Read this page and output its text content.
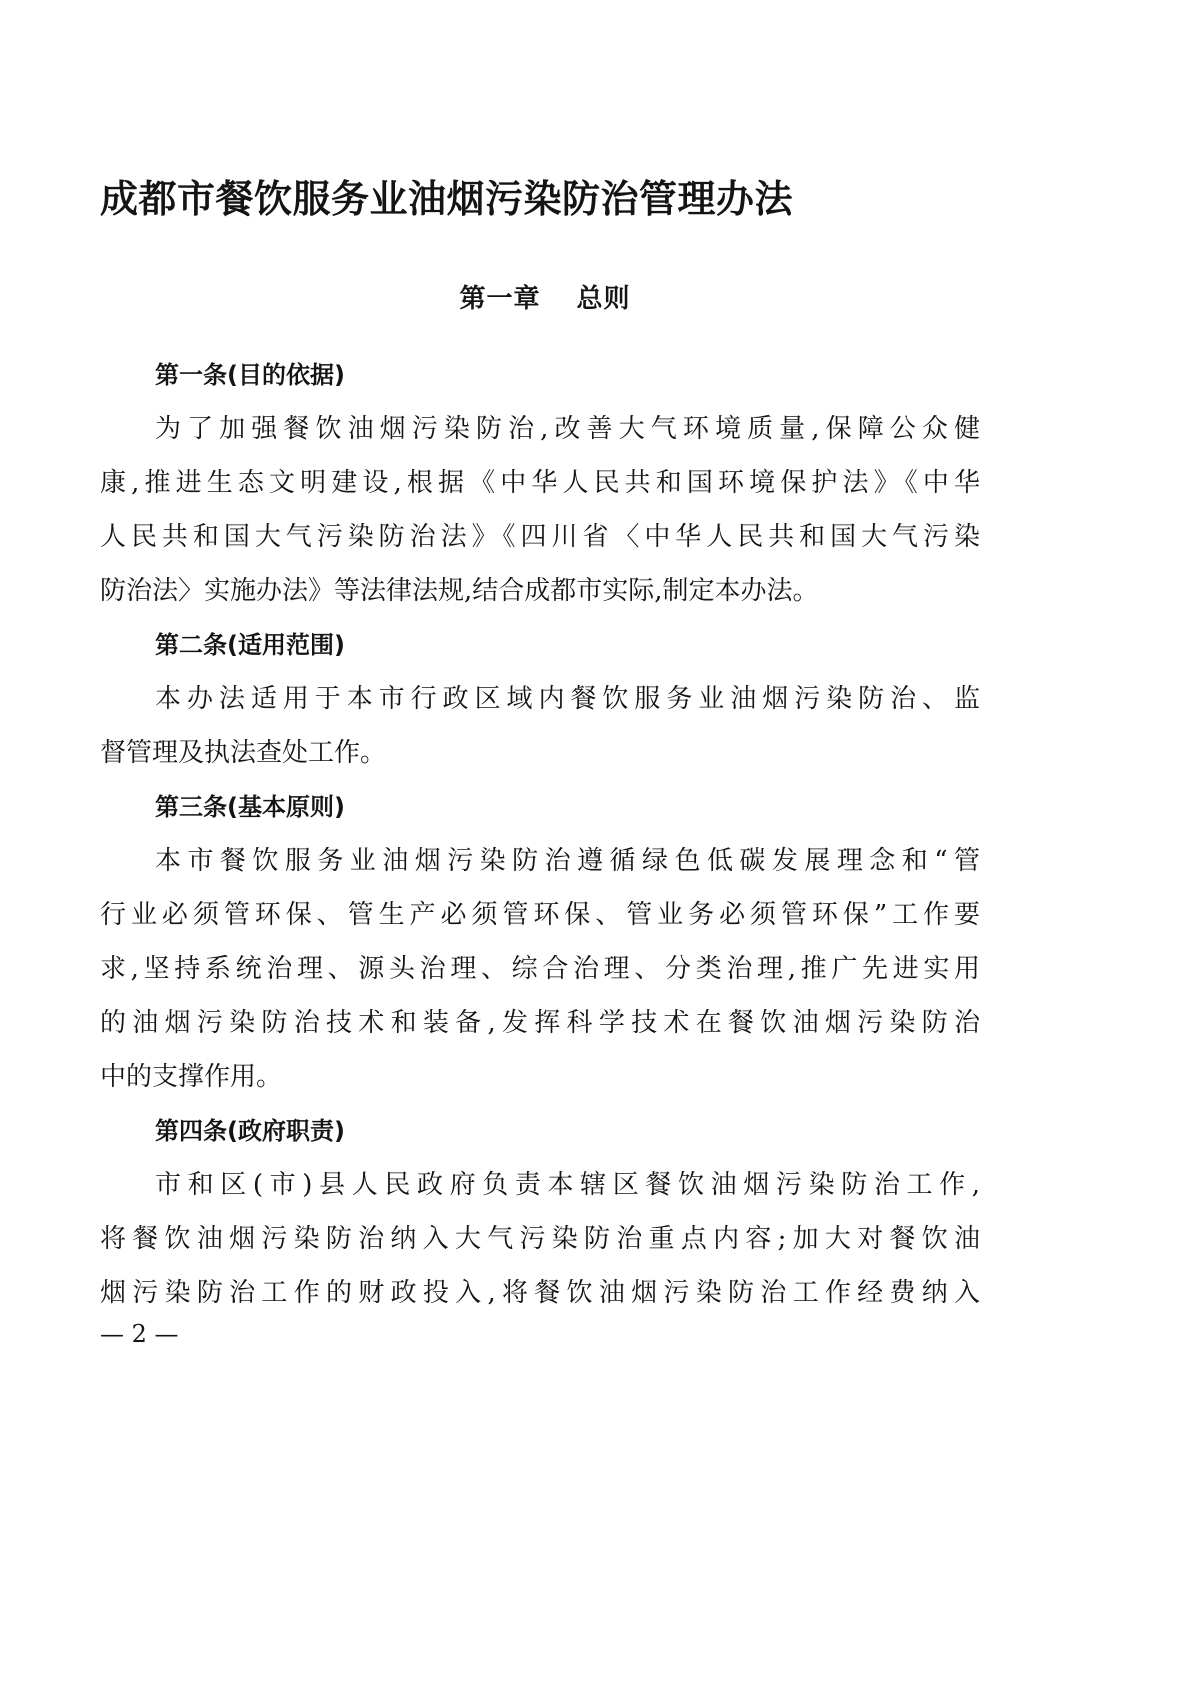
成都市餐饮服务业油烟污染防治管理办法
第一章 总则
第一条(目的依据)
为了加强餐饮油烟污染防治,改善大气环境质量,保障公众健
康,推进生态文明建设,根据《中华人民共和国环境保护法》《中华
人民共和国大气污染防治法》《四川省〈中华人民共和国大气污染
防治法〉实施办法》等法律法规,结合成都市实际,制定本办法。
第二条(适用范围)
本办法适用于本市行政区域内餐饮服务业油烟污染防治、监
督管理及执法查处工作。
第三条(基本原则)
本市餐饮服务业油烟污染防治遵循绿色低碳发展理念和“管
行业必须管环保、管生产必须管环保、管业务必须管环保”工作要
求,坚持系统治理、源头治理、综合治理、分类治理,推广先进实用
的油烟污染防治技术和装备,发挥科学技术在餐饮油烟污染防治
中的支撑作用。
第四条(政府职责)
市和区(市)县人民政府负责本辖区餐饮油烟污染防治工作,
将餐饮油烟污染防治纳入大气污染防治重点内容;加大对餐饮油
烟污染防治工作的财政投入,将餐饮油烟污染防治工作经费纳入
— 2 —
